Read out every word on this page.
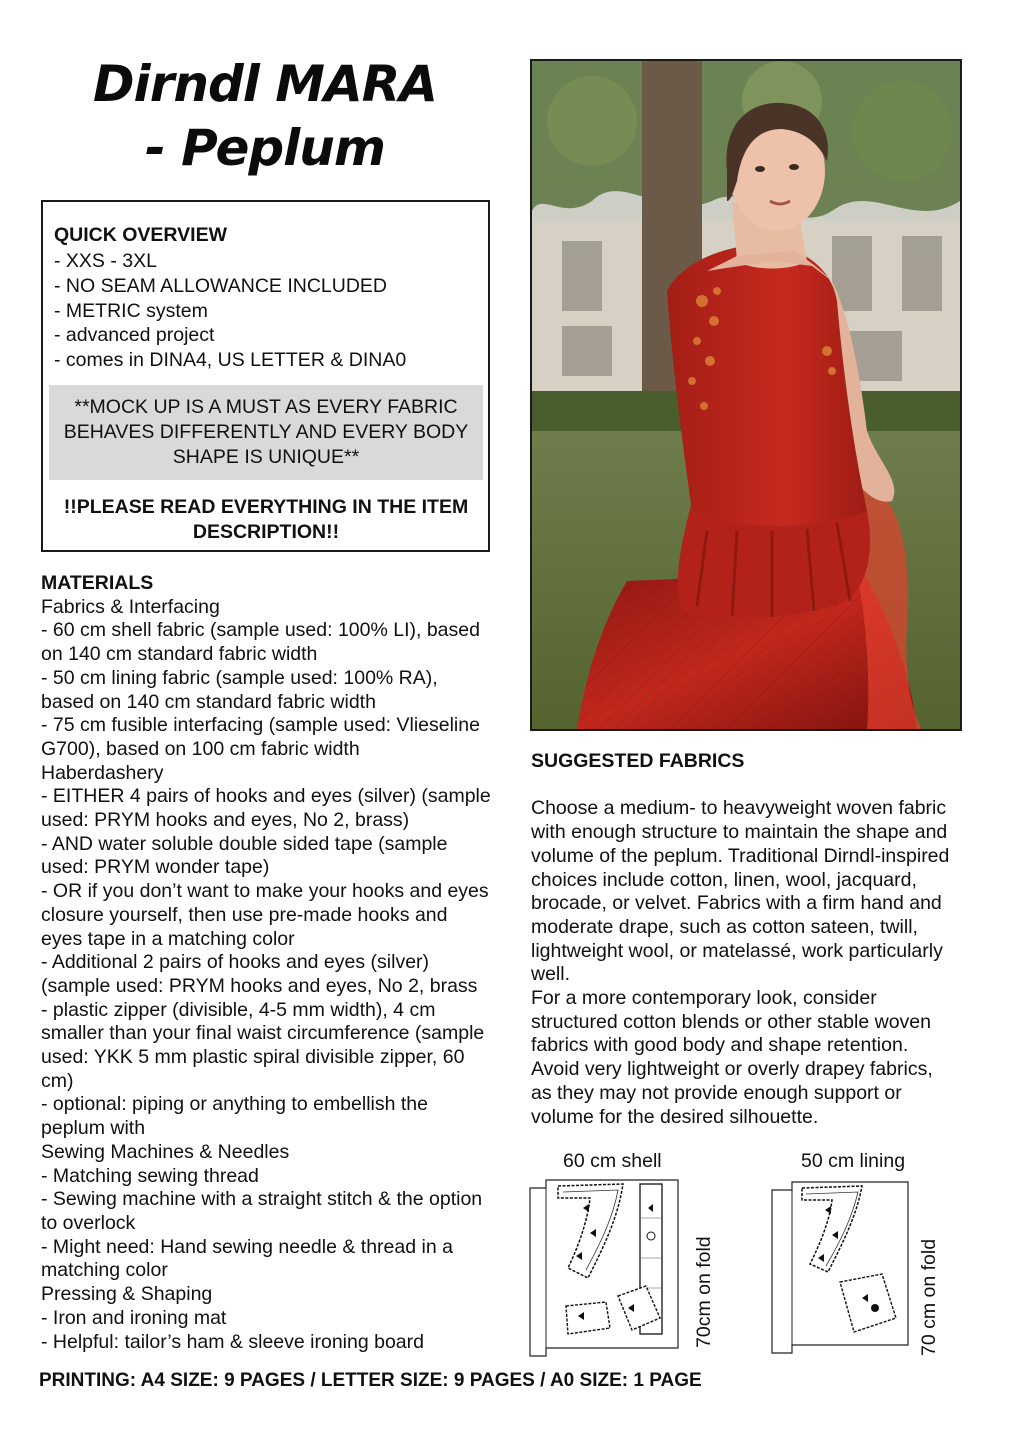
Dirndl MARA
- Peplum
QUICK OVERVIEW
- XXS - 3XL
- NO SEAM ALLOWANCE INCLUDED
- METRIC system
- advanced project
- comes in DINA4, US LETTER & DINA0
**MOCK UP IS A MUST AS EVERY FABRIC
BEHAVES DIFFERENTLY AND EVERY BODY
SHAPE IS UNIQUE**
!!PLEASE READ EVERYTHING IN THE ITEM
DESCRIPTION!!
MATERIALS
Fabrics & Interfacing
- 60 cm shell fabric (sample used: 100% LI), based
on 140 cm standard fabric width
- 50 cm lining fabric (sample used: 100% RA),
based on 140 cm standard fabric width
- 75 cm fusible interfacing (sample used: Vlieseline
G700), based on 100 cm fabric width
Haberdashery
- EITHER 4 pairs of hooks and eyes (silver) (sample
used: PRYM hooks and eyes, No 2, brass)
- AND water soluble double sided tape (sample
used: PRYM wonder tape)
- OR if you don’t want to make your hooks and eyes
closure yourself, then use pre-made hooks and
eyes tape in a matching color
- Additional 2 pairs of hooks and eyes (silver)
(sample used: PRYM hooks and eyes, No 2, brass
- plastic zipper (divisible, 4-5 mm width), 4 cm
smaller than your final waist circumference (sample
used: YKK 5 mm plastic spiral divisible zipper, 60
cm)
- optional: piping or anything to embellish the
peplum with
Sewing Machines & Needles
- Matching sewing thread
- Sewing machine with a straight stitch & the option
to overlock
- Might need: Hand sewing needle & thread in a
matching color
Pressing & Shaping
- Iron and ironing mat
- Helpful: tailor’s ham & sleeve ironing board
SUGGESTED FABRICS
Choose a medium- to heavyweight woven fabric
with enough structure to maintain the shape and
volume of the peplum. Traditional Dirndl-inspired
choices include cotton, linen, wool, jacquard,
brocade, or velvet. Fabrics with a firm hand and
moderate drape, such as cotton sateen, twill,
lightweight wool, or matelassé, work particularly
well.
For a more contemporary look, consider
structured cotton blends or other stable woven
fabrics with good body and shape retention.
Avoid very lightweight or overly drapey fabrics,
as they may not provide enough support or
volume for the desired silhouette.
60 cm shell	50 cm lining
70cm on fold	70 cm on fold
PRINTING: A4 SIZE: 9 PAGES / LETTER SIZE: 9 PAGES / A0 SIZE: 1 PAGE
